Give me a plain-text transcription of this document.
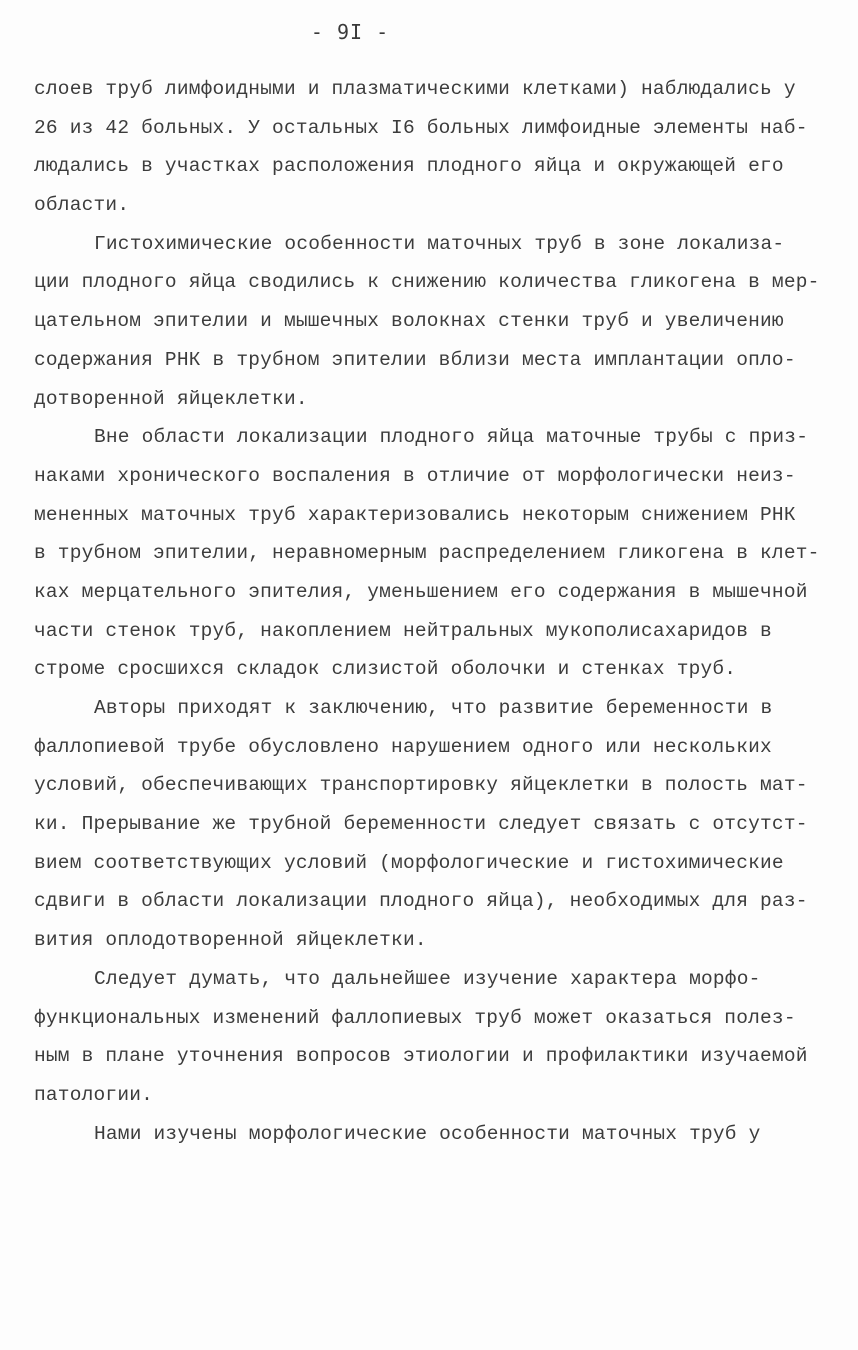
- 9I -
слоев труб лимфоидными и плазматическими клетками) наблюдались у
26 из 42 больных. У остальных I6 больных лимфоидные элементы наб-
людались в участках расположения плодного яйца и окружающей его
области.
Гистохимические особенности маточных труб в зоне локализа-
ции плодного яйца сводились к снижению количества гликогена в мер-
цательном эпителии и мышечных волокнах стенки труб и увеличению
содержания РНК в трубном эпителии вблизи места имплантации опло-
дотворенной яйцеклетки.
Вне области локализации плодного яйца маточные трубы с приз-
наками хронического воспаления в отличие от морфологически неиз-
мененных маточных труб характеризовались некоторым снижением РНК
в трубном эпителии, неравномерным распределением гликогена в клет-
ках мерцательного эпителия, уменьшением его содержания в мышечной
части стенок труб, накоплением нейтральных мукополисахаридов в
строме сросшихся складок слизистой оболочки и стенках труб.
Авторы приходят к заключению, что развитие беременности в
фаллопиевой трубе обусловлено нарушением одного или нескольких
условий, обеспечивающих транспортировку яйцеклетки в полость мат-
ки. Прерывание же трубной беременности следует связать с отсутст-
вием соответствующих условий (морфологические и гистохимические
сдвиги в области локализации плодного яйца), необходимых для раз-
вития оплодотворенной яйцеклетки.
Следует думать, что дальнейшее изучение характера морфо-
функциональных изменений фаллопиевых труб может оказаться полез-
ным в плане уточнения вопросов этиологии и профилактики изучаемой
патологии.
Нами изучены морфологические особенности маточных труб у
